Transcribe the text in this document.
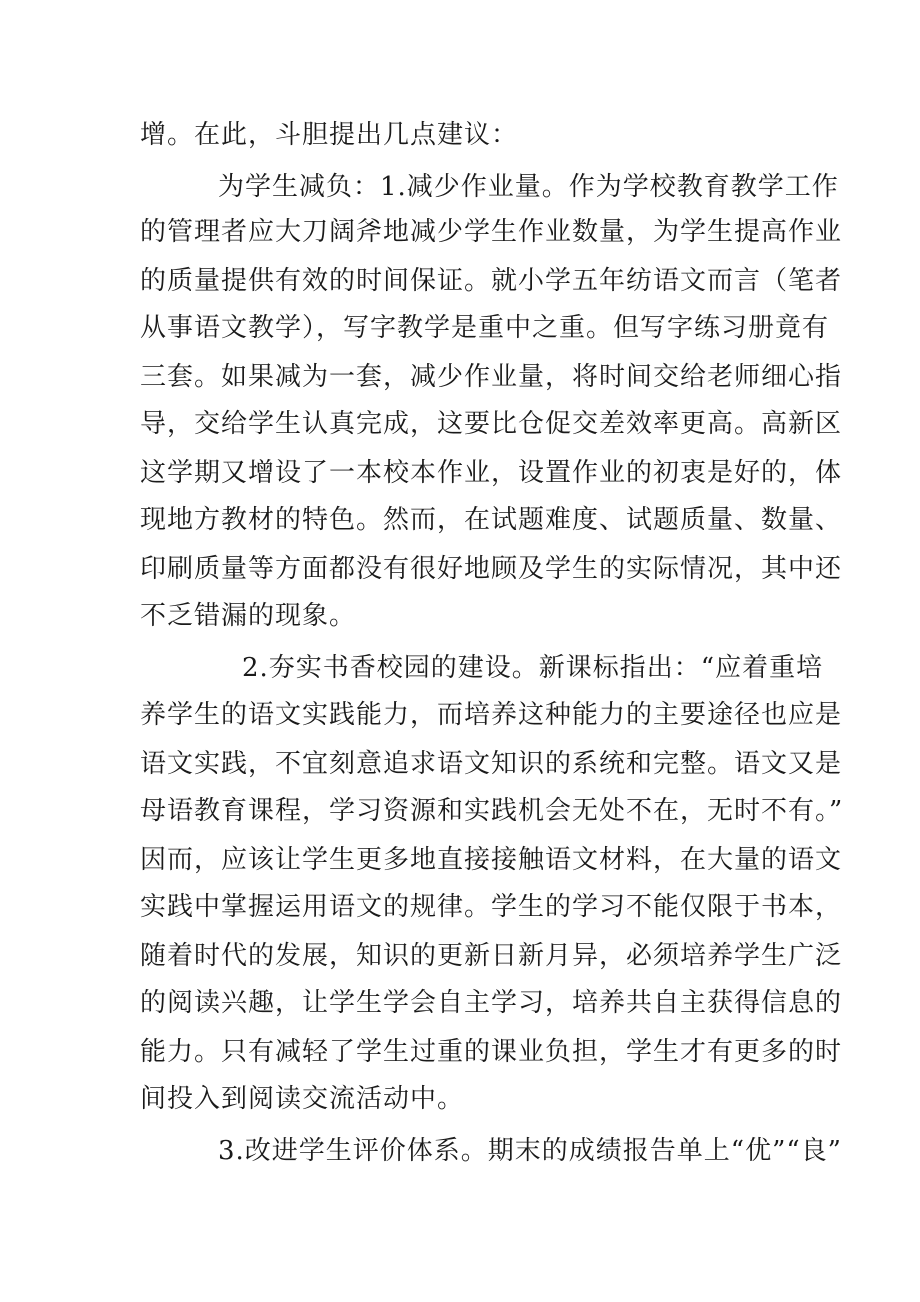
增。在此，斗胆提出几点建议：
为学生减负：1.减少作业量。作为学校教育教学工作
的管理者应大刀阔斧地减少学生作业数量，为学生提高作业
的质量提供有效的时间保证。就小学五年纺语文而言（笔者
从事语文教学），写字教学是重中之重。但写字练习册竟有
三套。如果减为一套，减少作业量，将时间交给老师细心指
导，交给学生认真完成，这要比仓促交差效率更高。高新区
这学期又增设了一本校本作业，设置作业的初衷是好的，体
现地方教材的特色。然而，在试题难度、试题质量、数量、
印刷质量等方面都没有很好地顾及学生的实际情况，其中还
不乏错漏的现象。
2.夯实书香校园的建设。新课标指出：“应着重培
养学生的语文实践能力，而培养这种能力的主要途径也应是
语文实践，不宜刻意追求语文知识的系统和完整。语文又是
母语教育课程，学习资源和实践机会无处不在，无时不有。”
因而，应该让学生更多地直接接触语文材料，在大量的语文
实践中掌握运用语文的规律。学生的学习不能仅限于书本，
随着时代的发展，知识的更新日新月异，必须培养学生广泛
的阅读兴趣，让学生学会自主学习，培养共自主获得信息的
能力。只有减轻了学生过重的课业负担，学生才有更多的时
间投入到阅读交流活动中。
3.改进学生评价体系。期末的成绩报告单上“优”“良”
